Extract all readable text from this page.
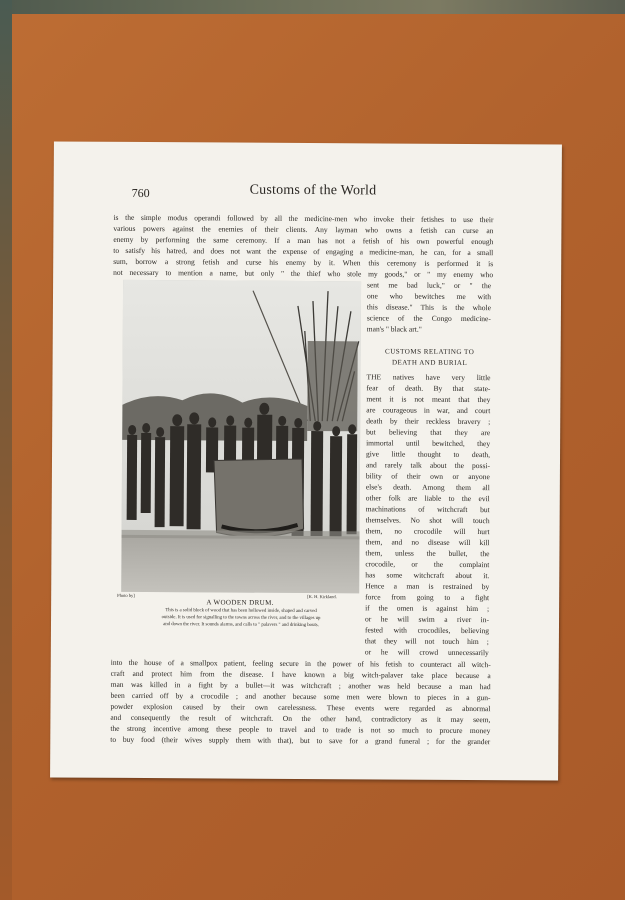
760	Customs of the World
is the simple modus operandi followed by all the medicine-men who invoke their fetishes to use their
various powers against the enemies of their clients. Any layman who owns a fetish can curse an
enemy by performing the same ceremony. If a man has not a fetish of his own powerful enough
to satisfy his hatred, and does not want the expense of engaging a medicine-man, he can, for a small
sum, borrow a strong fetish and curse his enemy by it. When this ceremony is performed it is
not necessary to mention a name, but only " the thief who stole my goods," or " my enemy who
Photo by]	[K. H. Kirkland.
A WOODEN DRUM.
This is a solid block of wood that has been hollowed inside, shaped and carved
outside. It is used for signalling to the towns across the river, and to the villages up
and down the river. It sounds alarms, and calls to " palavers " and drinking bouts.
sent me bad luck," or " the
one who bewitches me with
this disease." This is the whole
science of the Congo medicine-
man's " black art."
CUSTOMS RELATING TO
DEATH AND BURIAL
THE natives have very little
fear of death. By that state-
ment it is not meant that they
are courageous in war, and court
death by their reckless bravery ;
but believing that they are
immortal until bewitched, they
give little thought to death,
and rarely talk about the possi-
bility of their own or anyone
else's death. Among them all
other folk are liable to the evil
machinations of witchcraft but
themselves. No shot will touch
them, no crocodile will hurt
them, and no disease will kill
them, unless the bullet, the
crocodile, or the complaint
has some witchcraft about it.
Hence a man is restrained by
force from going to a fight
if the omen is against him ;
or he will swim a river in-
fested with crocodiles, believing
that they will not touch him ;
or he will crowd unnecessarily
into the house of a smallpox patient, feeling secure in the power of his fetish to counteract all witch-
craft and protect him from the disease. I have known a big witch-palaver take place because a
man was killed in a fight by a bullet—it was witchcraft ; another was held because a man had
been carried off by a crocodile ; and another because some men were blown to pieces in a gun-
powder explosion caused by their own carelessness. These events were regarded as abnormal
and consequently the result of witchcraft. On the other hand, contradictory as it may seem,
the strong incentive among these people to travel and to trade is not so much to procure money
to buy food (their wives supply them with that), but to save for a grand funeral ; for the grander
